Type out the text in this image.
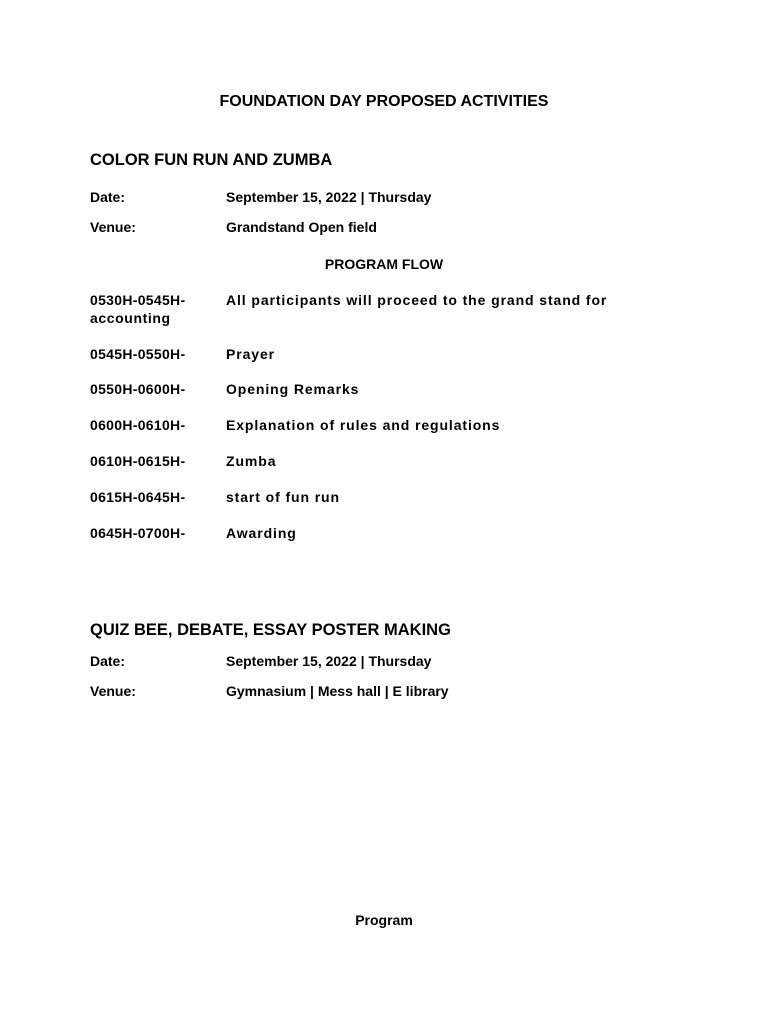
FOUNDATION DAY PROPOSED ACTIVITIES
COLOR FUN RUN AND ZUMBA
Date:	September 15, 2022 | Thursday
Venue:	Grandstand Open field
PROGRAM FLOW
0530H-0545H-	All participants will proceed to the grand stand for
accounting
0545H-0550H-	Prayer
0550H-0600H-	Opening Remarks
0600H-0610H-	Explanation of rules and regulations
0610H-0615H-	Zumba
0615H-0645H-	start of fun run
0645H-0700H-	Awarding
QUIZ BEE, DEBATE, ESSAY POSTER MAKING
Date:	September 15, 2022 | Thursday
Venue:	Gymnasium | Mess hall | E library
Program
